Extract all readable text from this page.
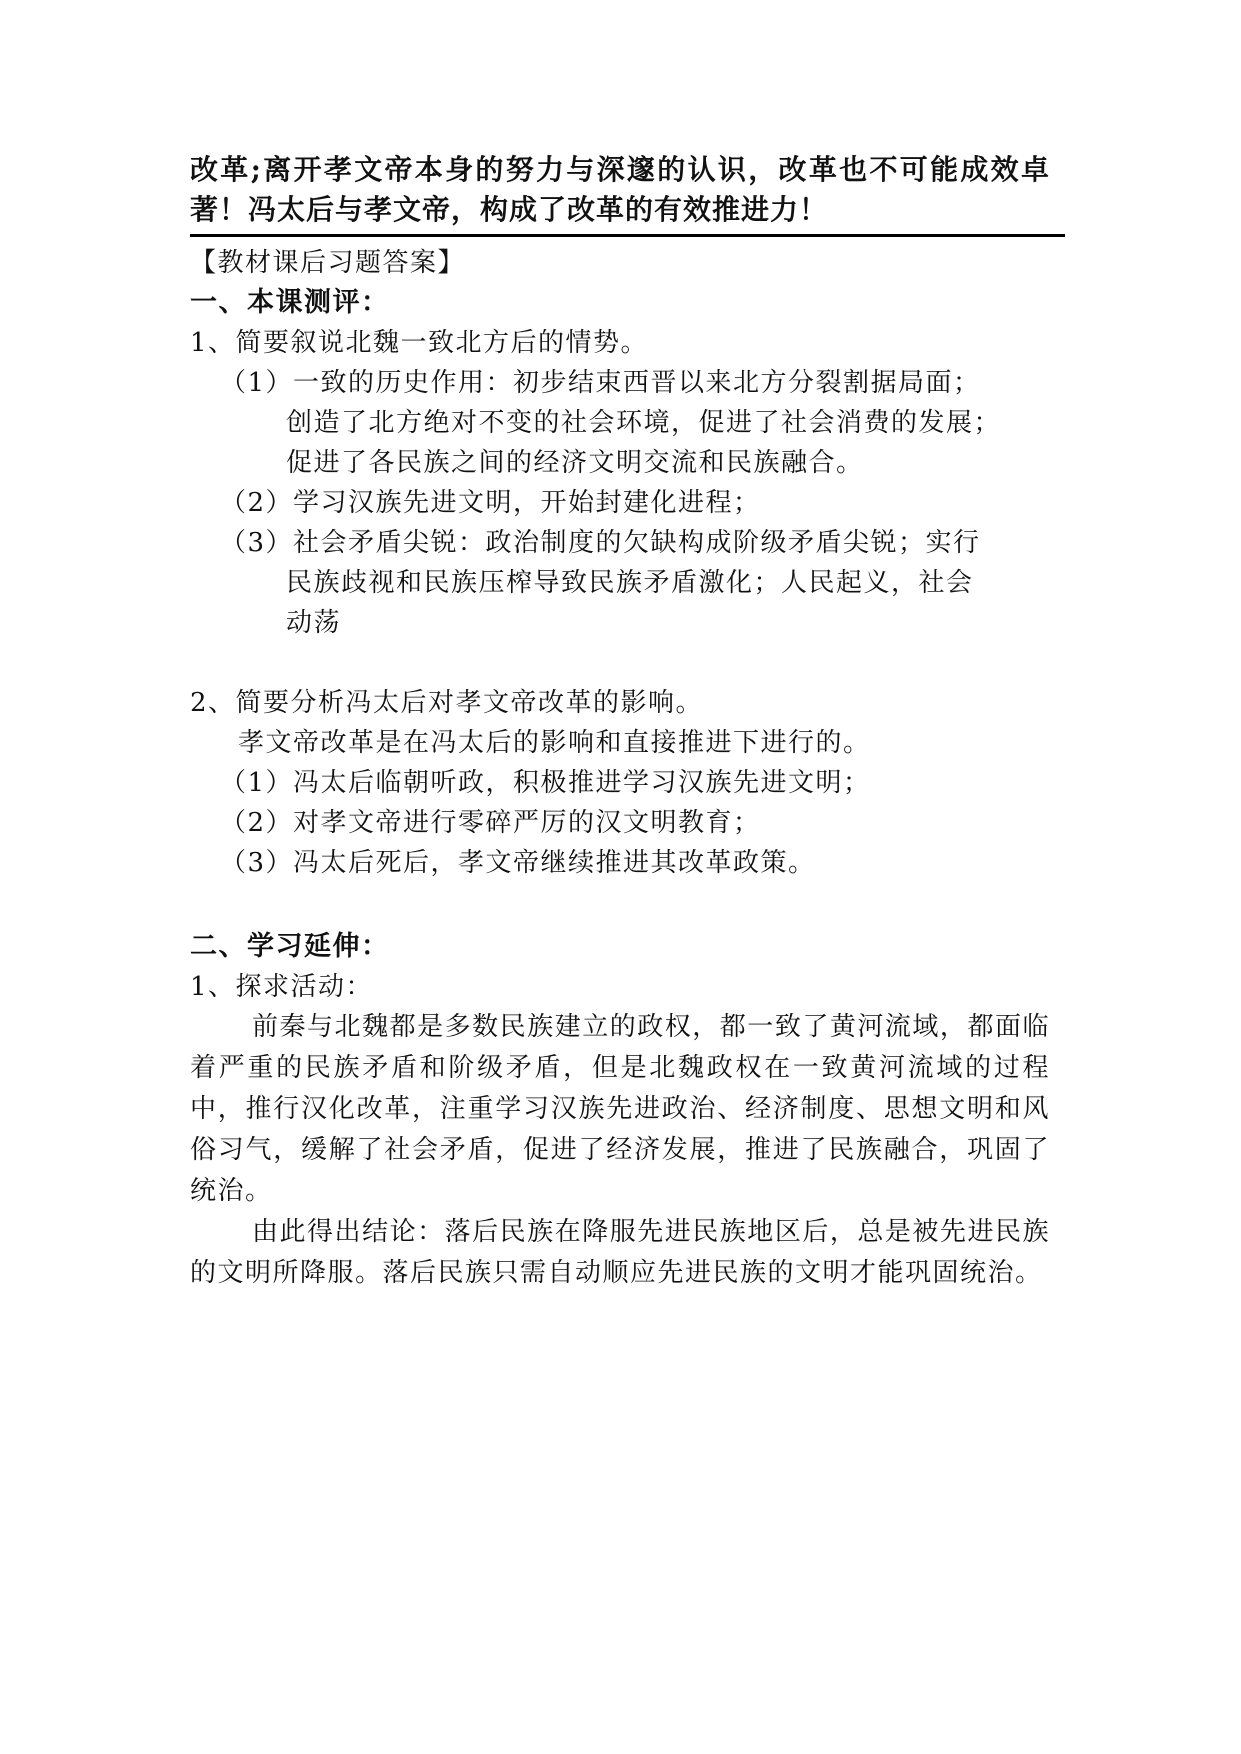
改革;离开孝文帝本身的努力与深邃的认识，改革也不可能成效卓著！冯太后与孝文帝，构成了改革的有效推进力！

【教材课后习题答案】

一、本课测评：

1、简要叙说北魏一致北方后的情势。

（1）一致的历史作用：初步结束西晋以来北方分裂割据局面；

创造了北方绝对不变的社会环境，促进了社会消费的发展；

促进了各民族之间的经济文明交流和民族融合。

（2）学习汉族先进文明，开始封建化进程；

（3）社会矛盾尖锐：政治制度的欠缺构成阶级矛盾尖锐；实行

民族歧视和民族压榨导致民族矛盾激化；人民起义，社会

动荡

2、简要分析冯太后对孝文帝改革的影响。

孝文帝改革是在冯太后的影响和直接推进下进行的。

（1）冯太后临朝听政，积极推进学习汉族先进文明；

（2）对孝文帝进行零碎严厉的汉文明教育；

（3）冯太后死后，孝文帝继续推进其改革政策。

二、学习延伸：

1、探求活动：

前秦与北魏都是多数民族建立的政权，都一致了黄河流域，都面临着严重的民族矛盾和阶级矛盾，但是北魏政权在一致黄河流域的过程中，推行汉化改革，注重学习汉族先进政治、经济制度、思想文明和风俗习气，缓解了社会矛盾，促进了经济发展，推进了民族融合，巩固了统治。

由此得出结论：落后民族在降服先进民族地区后，总是被先进民族的文明所降服。落后民族只需自动顺应先进民族的文明才能巩固统治。
